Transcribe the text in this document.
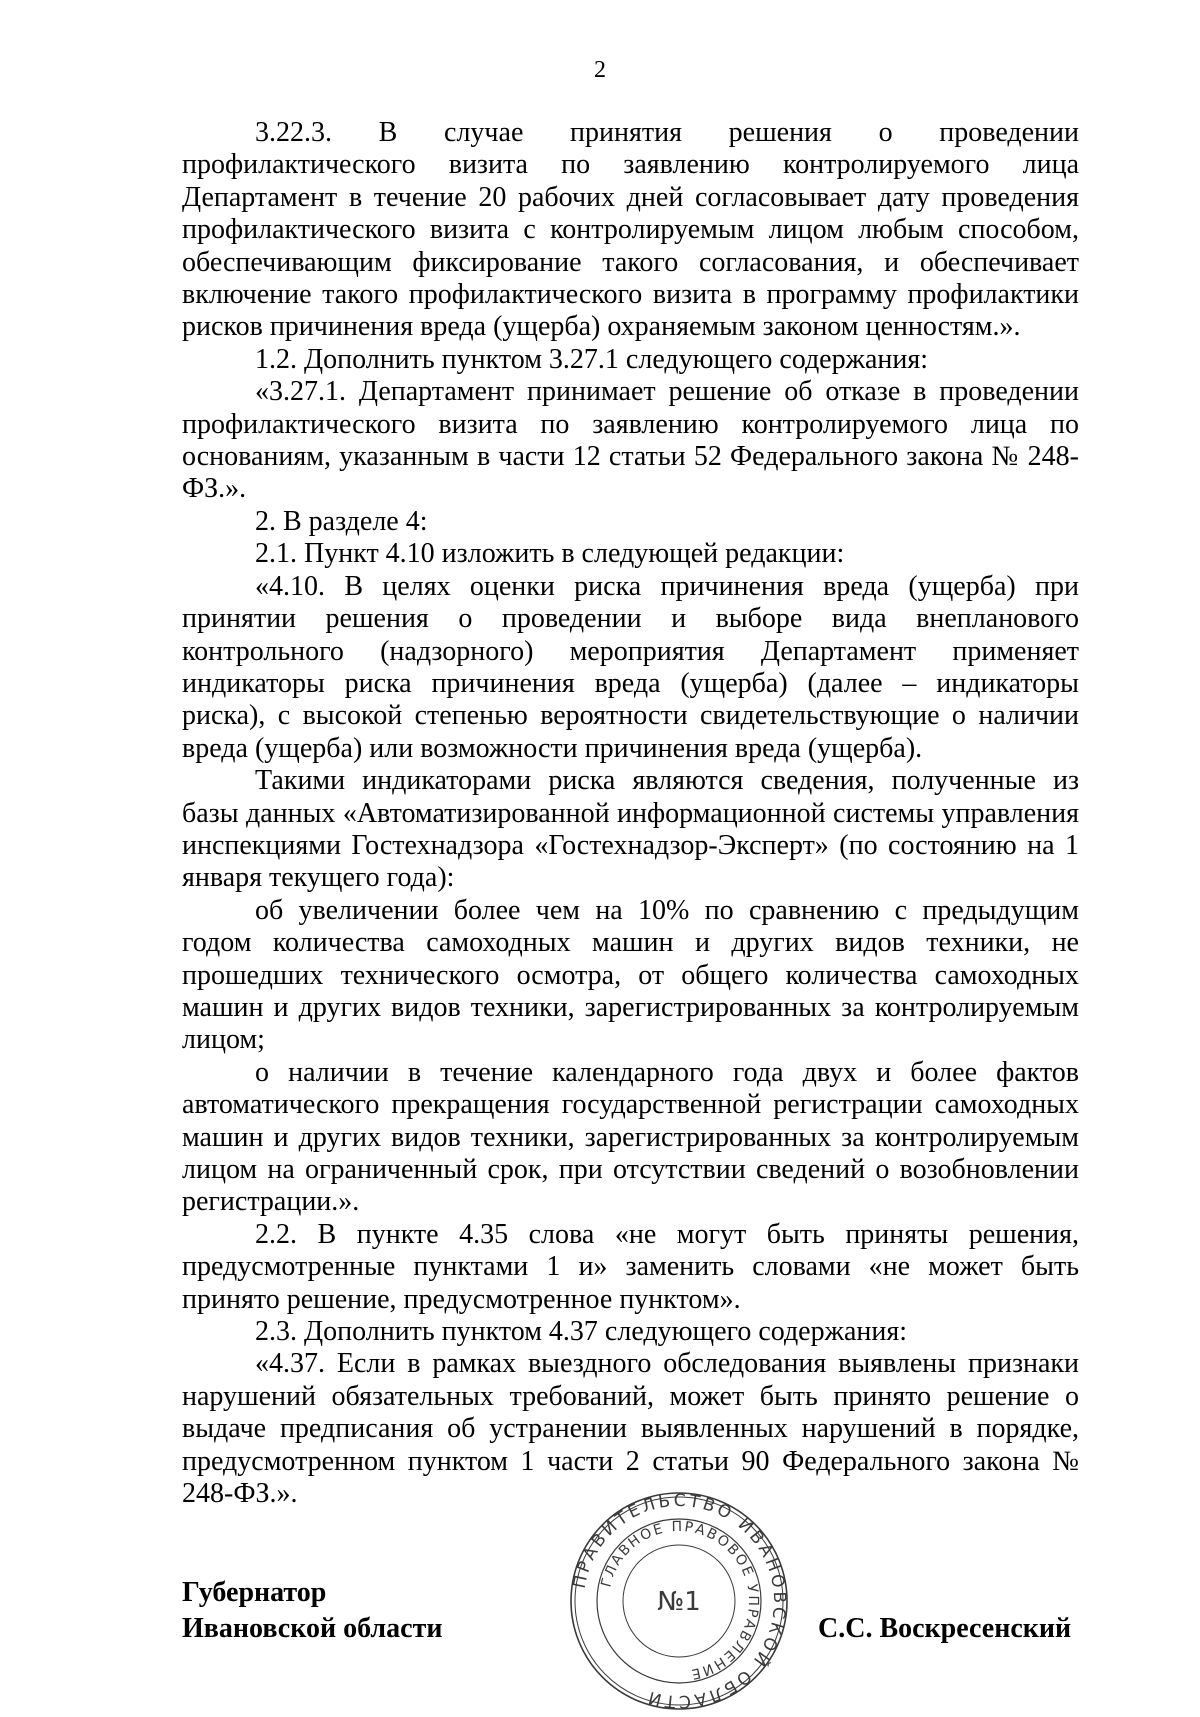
2

3.22.3. В случае принятия решения о проведении профилактического визита по заявлению контролируемого лица Департамент в течение 20 рабочих дней согласовывает дату проведения профилактического визита с контролируемым лицом любым способом, обеспечивающим фиксирование такого согласования, и обеспечивает включение такого профилактического визита в программу профилактики рисков причинения вреда (ущерба) охраняемым законом ценностям.».

1.2. Дополнить пунктом 3.27.1 следующего содержания:

«3.27.1. Департамент принимает решение об отказе в проведении профилактического визита по заявлению контролируемого лица по основаниям, указанным в части 12 статьи 52 Федерального закона № 248-ФЗ.».

2. В разделе 4:

2.1. Пункт 4.10 изложить в следующей редакции:

«4.10. В целях оценки риска причинения вреда (ущерба) при принятии решения о проведении и выборе вида внепланового контрольного (надзорного) мероприятия Департамент применяет индикаторы риска причинения вреда (ущерба) (далее – индикаторы риска), с высокой степенью вероятности свидетельствующие о наличии вреда (ущерба) или возможности причинения вреда (ущерба).

Такими индикаторами риска являются сведения, полученные из базы данных «Автоматизированной информационной системы управления инспекциями Гостехнадзора «Гостехнадзор-Эксперт» (по состоянию на 1 января текущего года):

об увеличении более чем на 10% по сравнению с предыдущим годом количества самоходных машин и других видов техники, не прошедших технического осмотра, от общего количества самоходных машин и других видов техники, зарегистрированных за контролируемым лицом;

о наличии в течение календарного года двух и более фактов автоматического прекращения государственной регистрации самоходных машин и других видов техники, зарегистрированных за контролируемым лицом на ограниченный срок, при отсутствии сведений о возобновлении регистрации.».

2.2. В пункте 4.35 слова «не могут быть приняты решения, предусмотренные пунктами 1 и» заменить словами «не может быть принято решение, предусмотренное пунктом».

2.3. Дополнить пунктом 4.37 следующего содержания:

«4.37. Если в рамках выездного обследования выявлены признаки нарушений обязательных требований, может быть принято решение о выдаче предписания об устранении выявленных нарушений в порядке, предусмотренном пунктом 1 части 2 статьи 90 Федерального закона № 248-ФЗ.».

Губернатор
Ивановской области	С.С. Воскресенский
ПРАВИТЕЛЬСТВО ИВАНОВСКОЙ ОБЛАСТИ
ГЛАВНОЕ ПРАВОВОЕ УПРАВЛЕНИЕ
№1
